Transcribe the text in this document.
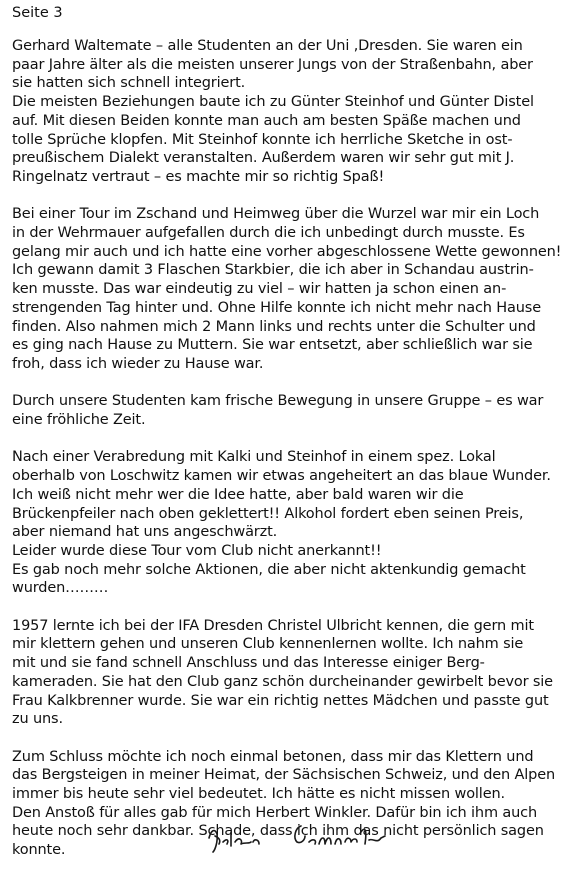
Seite 3
Gerhard Waltemate – alle Studenten an der Uni ‚Dresden. Sie waren ein
paar Jahre älter als die meisten unserer Jungs von der Straßenbahn, aber
sie hatten sich schnell integriert.
Die meisten Beziehungen baute ich zu Günter Steinhof und Günter Distel
auf. Mit diesen Beiden konnte man auch am besten Späße machen und
tolle Sprüche klopfen. Mit Steinhof konnte ich herrliche Sketche in ost-
preußischem Dialekt veranstalten. Außerdem waren wir sehr gut mit J.
Ringelnatz vertraut – es machte mir so richtig Spaß!
Bei einer Tour im Zschand und Heimweg über die Wurzel war mir ein Loch
in der Wehrmauer aufgefallen durch die ich unbedingt durch musste. Es
gelang mir auch und ich hatte eine vorher abgeschlossene Wette gewonnen!
Ich gewann damit 3 Flaschen Starkbier, die ich aber in Schandau austrin-
ken musste. Das war eindeutig zu viel – wir hatten ja schon einen an-
strengenden Tag hinter und. Ohne Hilfe konnte ich nicht mehr nach Hause
finden. Also nahmen mich 2 Mann links und rechts unter die Schulter und
es ging nach Hause zu Muttern. Sie war entsetzt, aber schließlich war sie
froh, dass ich wieder zu Hause war.
Durch unsere Studenten kam frische Bewegung in unsere Gruppe – es war
eine fröhliche Zeit.
Nach einer Verabredung mit Kalki und Steinhof in einem spez. Lokal
oberhalb von Loschwitz kamen wir etwas angeheitert an das blaue Wunder.
Ich weiß nicht mehr wer die Idee hatte, aber bald waren wir die
Brückenpfeiler nach oben geklettert!! Alkohol fordert eben seinen Preis,
aber niemand hat uns angeschwärzt.
Leider wurde diese Tour vom Club nicht anerkannt!!
Es gab noch mehr solche Aktionen, die aber nicht aktenkundig gemacht
wurden………
1957 lernte ich bei der IFA Dresden Christel Ulbricht kennen, die gern mit
mir klettern gehen und unseren Club kennenlernen wollte. Ich nahm sie
mit und sie fand schnell Anschluss und das Interesse einiger Berg-
kameraden. Sie hat den Club ganz schön durcheinander gewirbelt bevor sie
Frau Kalkbrenner wurde. Sie war ein richtig nettes Mädchen und passte gut
zu uns.
Zum Schluss möchte ich noch einmal betonen, dass mir das Klettern und
das Bergsteigen in meiner Heimat, der Sächsischen Schweiz, und den Alpen
immer bis heute sehr viel bedeutet. Ich hätte es nicht missen wollen.
Den Anstoß für alles gab für mich Herbert Winkler. Dafür bin ich ihm auch
heute noch sehr dankbar. Schade, dass ich ihm das nicht persönlich sagen
konnte.
